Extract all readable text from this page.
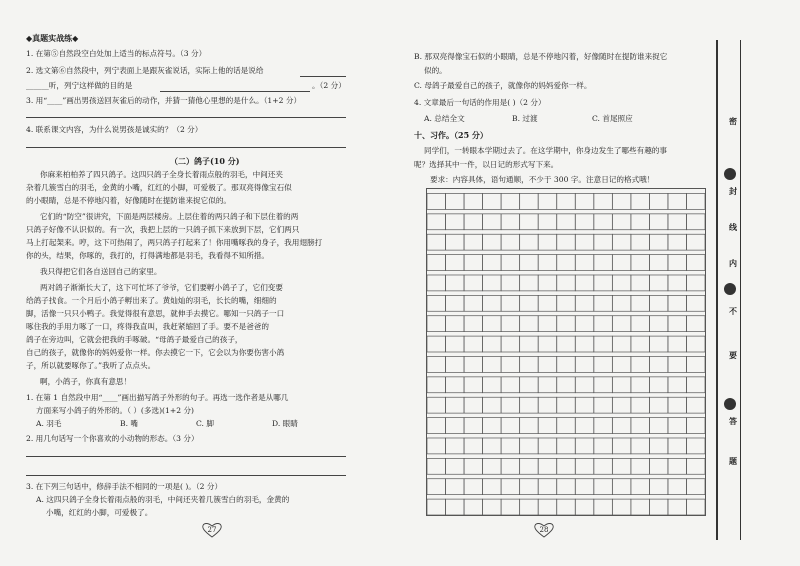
◆真题实战练◆
1. 在第⑤自然段空白处加上适当的标点符号。（3 分）
2. 选文第⑥自然段中，列宁表面上是跟灰雀说话，实际上他的话是说给
______听，列宁这样做的目的是	。（2 分）
3. 用“____”画出男孩送回灰雀后的动作，并猜一猜他心里想的是什么。（1+2 分）
4. 联系课文内容，为什么说男孩是诚实的？（2 分）
（二）鸽子(10 分)
你麻来柏柏养了四只鸽子。这四只鸽子全身长着雨点般的羽毛，中间还夹
杂着几簇雪白的羽毛，金黄的小嘴，红红的小脚，可爱极了。那双亮得像宝石似
的小眼睛，总是不停地闪着，好像随时在提防谁来捉它似的。
它们的“防空”很讲究，下面是两层楼房。上层住着的两只鸽子和下层住着的两
只鸽子好像不认识似的。有一次，我把上层的一只鸽子抓下来放到下层，它们两只
马上打起架来。哼，这下可热闹了，两只鸽子打起来了！你用嘴啄我的身子，我用翅膀打
你的头，结果，你啄的，我打的，打得满地都是羽毛，我看得不知所措。
我只得把它们各自送回自己的家里。
两对鸽子渐渐长大了，这下可忙坏了爷爷，它们要孵小鸽子了，它们变要
给鸽子找食。一个月后小鸽子孵出来了。黄灿灿的羽毛，长长的嘴，细细的
脚，活像一只只小鸭子。我觉得很有意思，就伸手去摸它。哪知一只鸽子一口
啄住我的手用力啄了一口，疼得我直叫，我赶紧缩回了手。要不是爸爸的
鸽子在旁边叫，它就会把我的手啄破。“母鸽子最爱自己的孩子，
自己的孩子，就像你的妈妈爱你一样。你去摸它一下，它会以为你要伤害小鸽
子，所以就要啄你了。”我听了点点头。
啊，小鸽子，你真有意思！
1. 在第 1 自然段中用“____”画出描写鸽子外形的句子。再选一选作者是从哪几
方面来写小鸽子的外形的。（ ）(多选)(1+2 分)
A. 羽毛	B. 嘴	C. 脚	D. 眼睛
2. 用几句话写一个你喜欢的小动物的形态。（3 分）
3. 在下列三句话中，修辞手法不相同的一项是( )。（2 分）
A. 这四只鸽子全身长着雨点般的羽毛，中间还夹着几簇雪白的羽毛，金黄的
小嘴，红红的小脚，可爱极了。
27
B. 那双亮得像宝石似的小眼睛，总是不停地闪着，好像随时在提防谁来捉它
似的。
C. 母鸽子最爱自己的孩子，就像你的妈妈爱你一样。
4. 文章最后一句话的作用是( )（2 分）
A. 总结全文	B. 过渡	C. 首尾照应
十、习作。（25 分）
同学们，一转眼本学期过去了。在这学期中，你身边发生了哪些有趣的事
呢？选择其中一件，以日记的形式写下来。
要求：内容具体，语句通顺，不少于 300 字。注意日记的格式哦！
28
密
封
线
内
不
要
答
题
